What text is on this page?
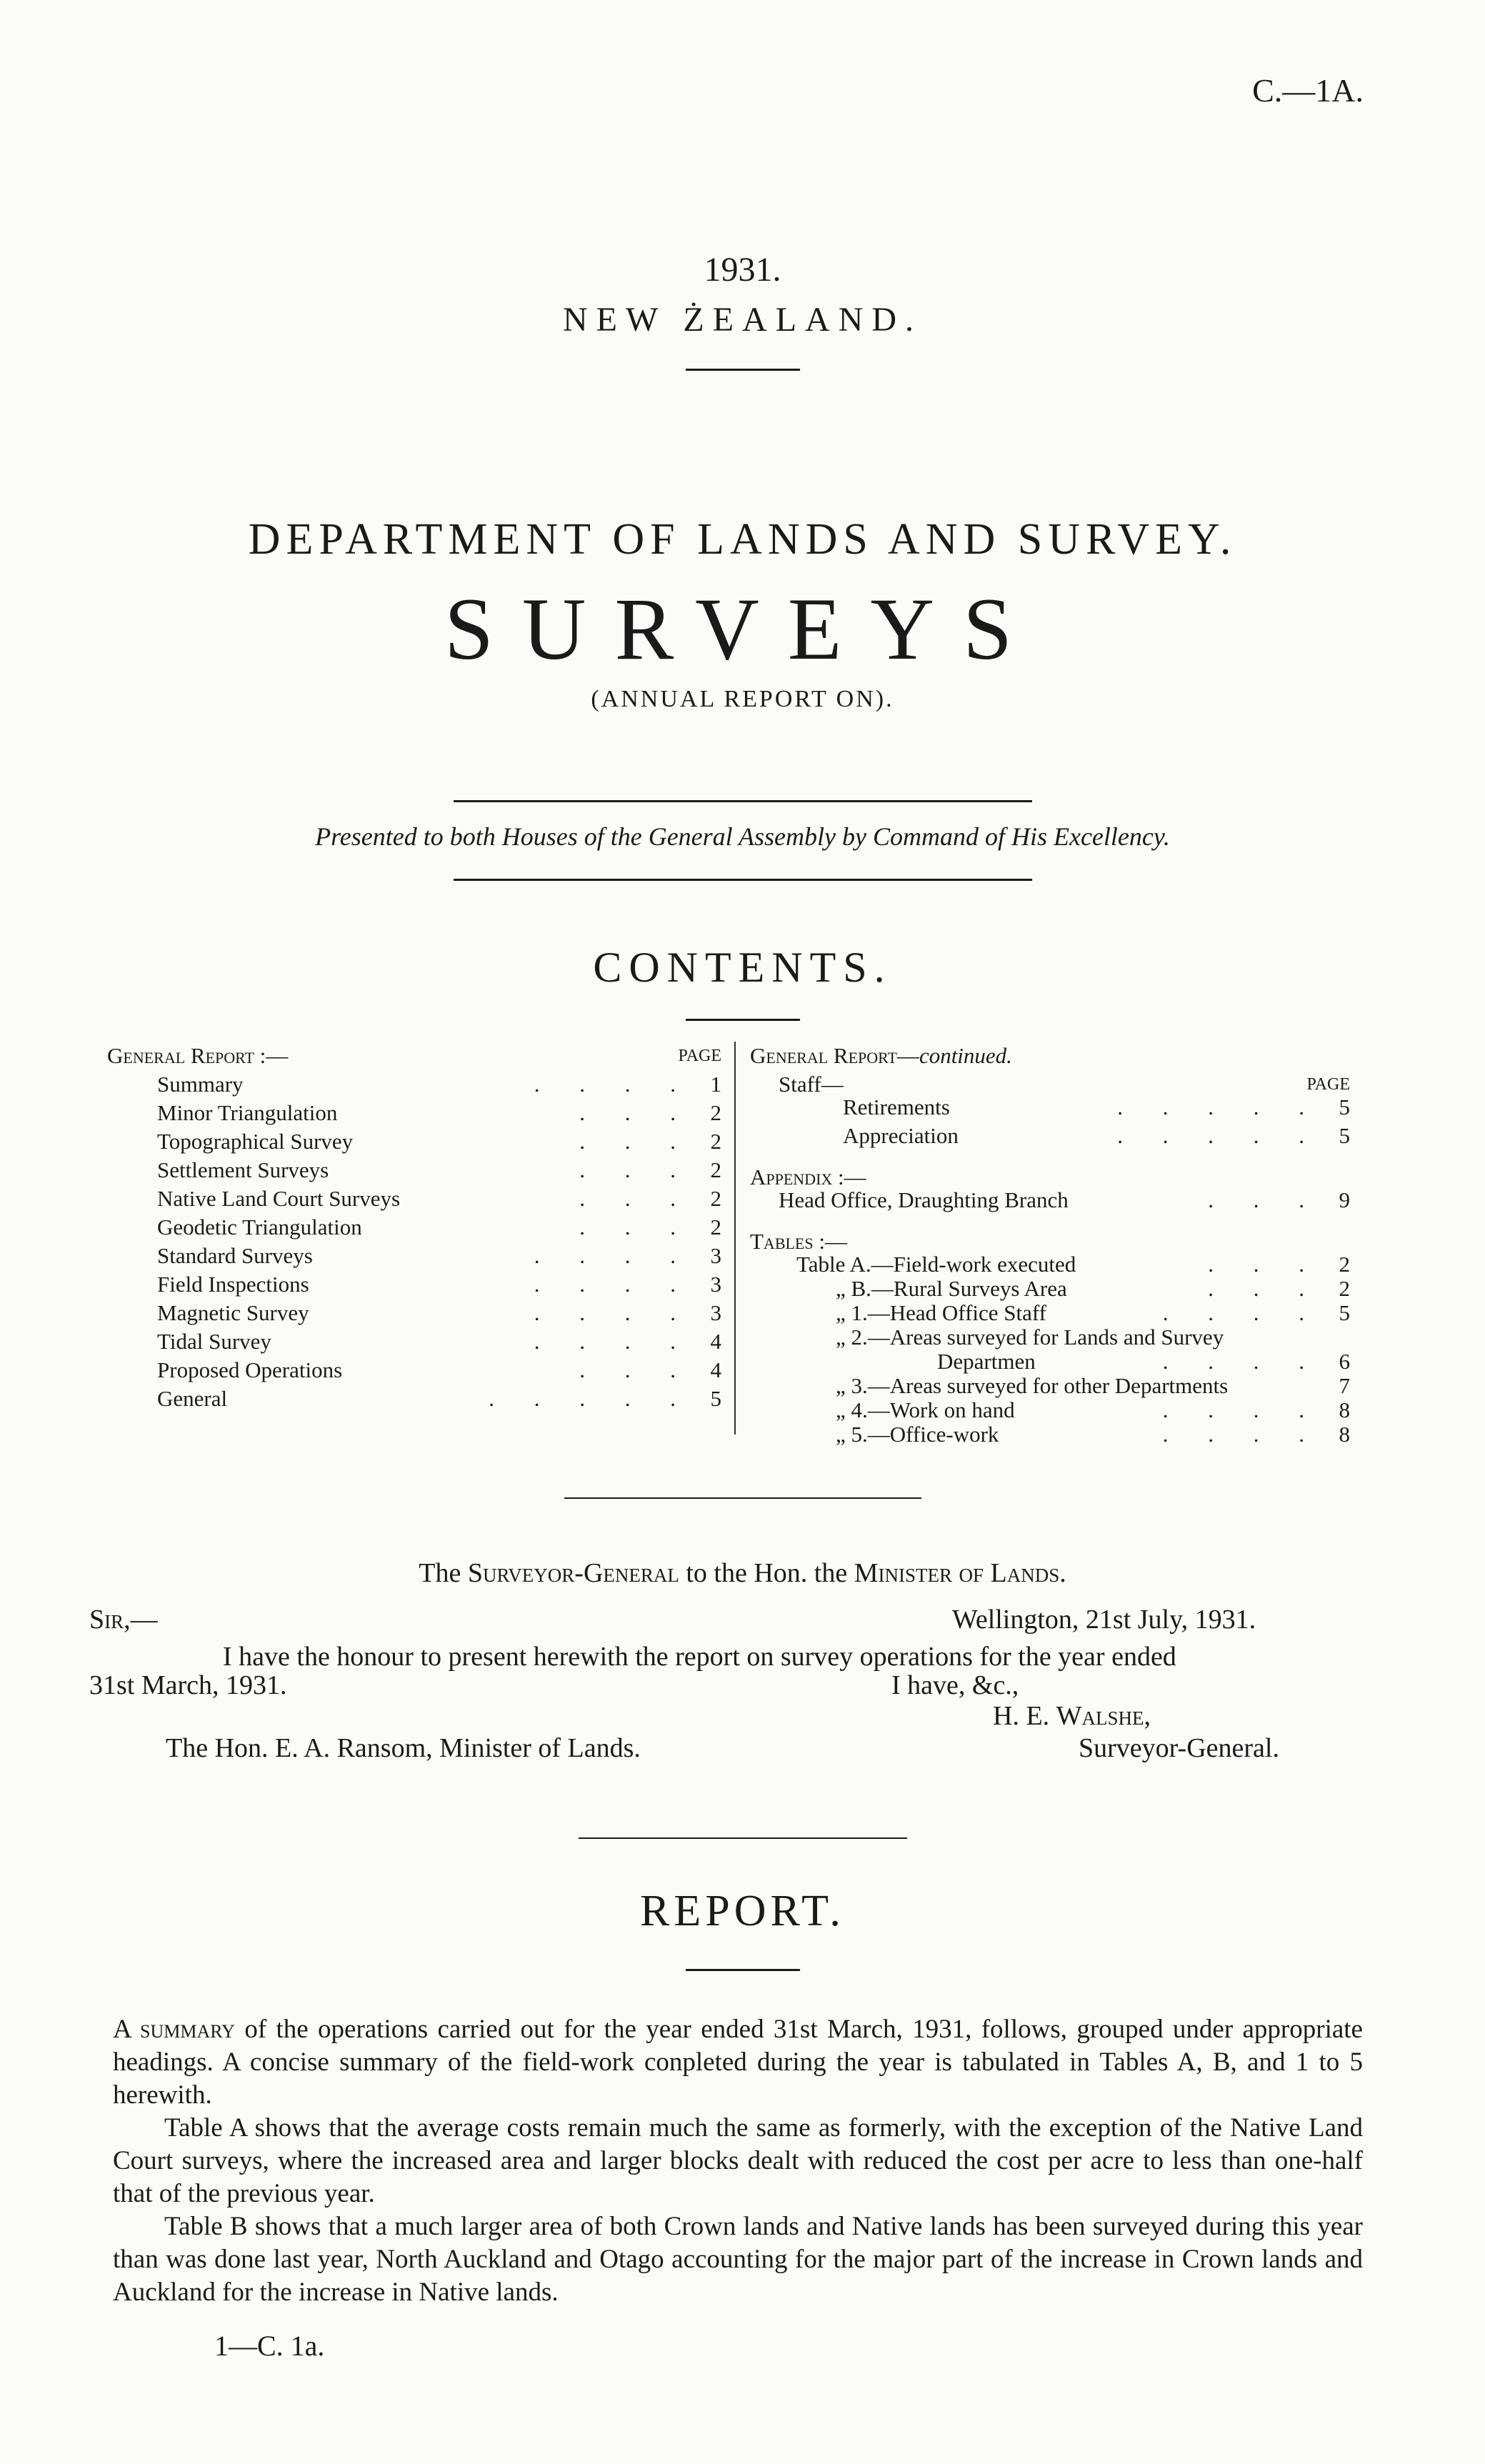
C.—1A.
1931.
NEW ŻEALAND.
DEPARTMENT OF LANDS AND SURVEY.
SURVEYS
(ANNUAL REPORT ON).
Presented to both Houses of the General Assembly by Command of His Excellency.
CONTENTS.
General Report :—	PAGE
Summary	. . . . 1
Minor Triangulation	. . . 2
Topographical Survey	. . . 2
Settlement Surveys	. . . 2
Native Land Court Surveys	. . . 2
Geodetic Triangulation	. . . 2
Standard Surveys	. . . . 3
Field Inspections	. . . . 3
Magnetic Survey	. . . . 3
Tidal Survey	. . . . 4
Proposed Operations	. . . 4
General	. . . . . 5
General Report—continued.
Staff—	PAGE
Retirements	. . . . . 5
Appreciation	. . . . . 5
Appendix :—
Head Office, Draughting Branch	. . . 9
Tables :—
Table A.—Field-work executed	. . . 2
„ B.—Rural Surveys Area	. . . 2
„ 1.—Head Office Staff	. . . . 5
„ 2.—Areas surveyed for Lands and Survey
Departmen	. . . . 6
„ 3.—Areas surveyed for other Departments	7
„ 4.—Work on hand	. . . . 8
„ 5.—Office-work	. . . . 8
The Surveyor-General to the Hon. the Minister of Lands.
Sir,—	Wellington, 21st July, 1931.
I have the honour to present herewith the report on survey operations for the year ended
31st March, 1931.	I have, &c.,
H. E. Walshe,
The Hon. E. A. Ransom, Minister of Lands.	Surveyor-General.
REPORT.

A summary of the operations carried out for the year ended 31st March, 1931, follows, grouped under appropriate headings. A concise summary of the field-work conpleted during the year is tabulated in Tables A, B, and 1 to 5 herewith.

Table A shows that the average costs remain much the same as formerly, with the exception of the Native Land Court surveys, where the increased area and larger blocks dealt with reduced the cost per acre to less than one-half that of the previous year.

Table B shows that a much larger area of both Crown lands and Native lands has been surveyed during this year than was done last year, North Auckland and Otago accounting for the major part of the increase in Crown lands and Auckland for the increase in Native lands.

1—C. 1a.
